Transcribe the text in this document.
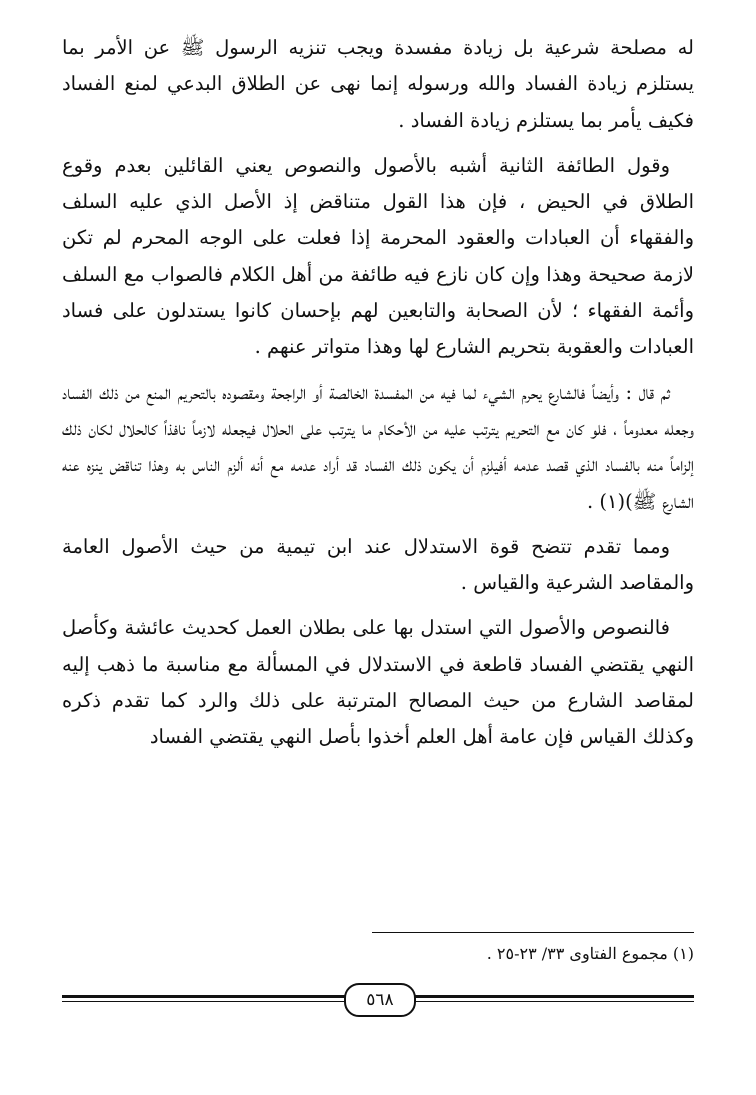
له مصلحة شرعية بل زيادة مفسدة ويجب تنزيه الرسول ﷺ عن الأمر بما يستلزم زيادة الفساد والله ورسوله إنما نهى عن الطلاق البدعي لمنع الفساد فكيف يأمر بما يستلزم زيادة الفساد .

وقول الطائفة الثانية أشبه بالأصول والنصوص يعني القائلين بعدم وقوع الطلاق في الحيض ، فإن هذا القول متناقض إذ الأصل الذي عليه السلف والفقهاء أن العبادات والعقود المحرمة إذا فعلت على الوجه المحرم لم تكن لازمة صحيحة وهذا وإن كان نازع فيه طائفة من أهل الكلام فالصواب مع السلف وأئمة الفقهاء ؛ لأن الصحابة والتابعين لهم بإحسان كانوا يستدلون على فساد العبادات والعقوبة بتحريم الشارع لها وهذا متواتر عنهم .

ثم قال : وأيضاً فالشارع يحرم الشيء لما فيه من المفسدة الخالصة أو الراجحة ومقصوده بالتحريم المنع من ذلك الفساد وجعله معدوماً ، فلو كان مع التحريم يترتب عليه من الأحكام ما يترتب على الحلال فيجعله لازماً نافذاً كالحلال لكان ذلك إلزاماً منه بالفساد الذي قصد عدمه أفيلزم أن يكون ذلك الفساد قد أراد عدمه مع أنه ألزم الناس به وهذا تناقض ينزه عنه الشارع ﷺ)(١) .

ومما تقدم تتضح قوة الاستدلال عند ابن تيمية من حيث الأصول العامة والمقاصد الشرعية والقياس .

فالنصوص والأصول التي استدل بها على بطلان العمل كحديث عائشة وكأصل النهي يقتضي الفساد قاطعة في الاستدلال في المسألة مع مناسبة ما ذهب إليه لمقاصد الشارع من حيث المصالح المترتبة على ذلك والرد كما تقدم ذكره وكذلك القياس فإن عامة أهل العلم أخذوا بأصل النهي يقتضي الفساد

(١) مجموع الفتاوى ٣٣/ ٢٣-٢٥ .
٥٦٨
